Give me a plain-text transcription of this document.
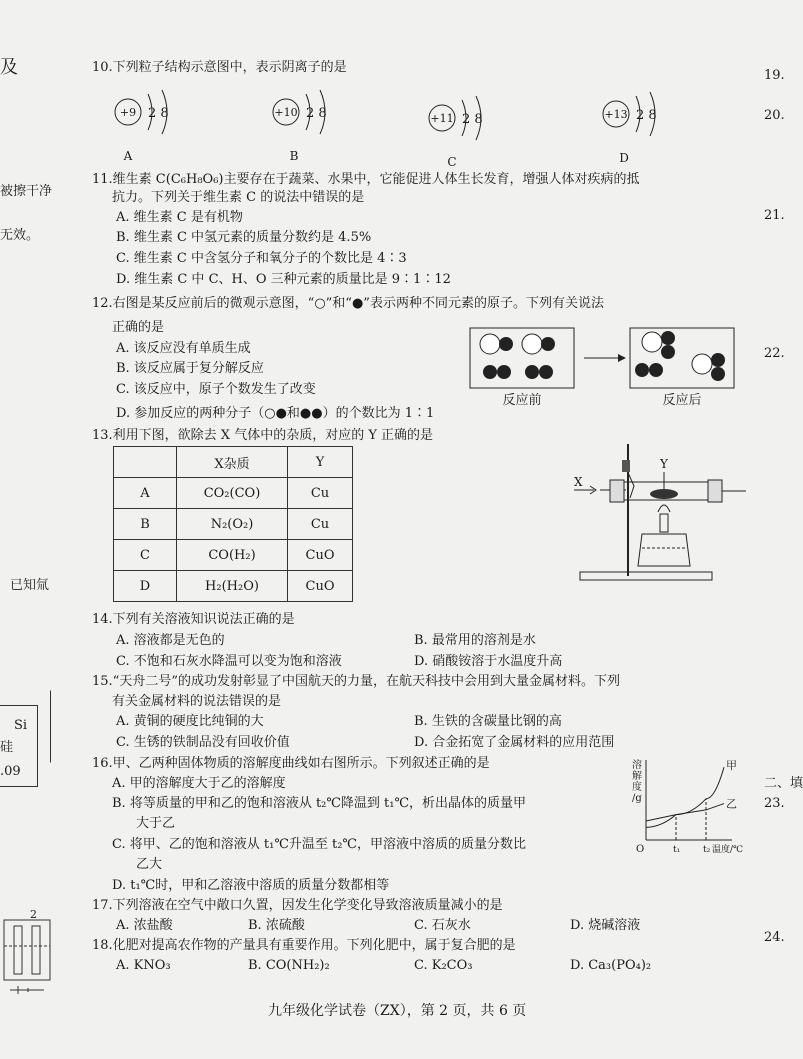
及
被擦干净
无效。
已知氚
Si
硅
.09
2
19.
20.
21.
22.
二、填
23.
24.
10.下列粒子结构示意图中，表示阴离子的是
+9 2 8
A
+10 2 8
B
+11 2 8
C
+13 2 8
D
11.维生素 C(C₆H₈O₆)主要存在于蔬菜、水果中，它能促进人体生长发育，增强人体对疾病的抵
抗力。下列关于维生素 C 的说法中错误的是
A. 维生素 C 是有机物
B. 维生素 C 中氢元素的质量分数约是 4.5%
C. 维生素 C 中含氢分子和氧分子的个数比是 4∶3
D. 维生素 C 中 C、H、O 三种元素的质量比是 9∶1∶12
12.右图是某反应前后的微观示意图，“○”和“●”表示两种不同元素的原子。下列有关说法
正确的是
A. 该反应没有单质生成
B. 该反应属于复分解反应
C. 该反应中，原子个数发生了改变
D. 参加反应的两种分子（○●和●●）的个数比为 1∶1
反应前	反应后
13.利用下图，欲除去 X 气体中的杂质，对应的 Y 正确的是
	X杂质	Y
A	CO₂(CO)	Cu
B	N₂(O₂)	Cu
C	CO(H₂)	CuO
D	H₂(H₂O)	CuO
X
Y
14.下列有关溶液知识说法正确的是
A. 溶液都是无色的	B. 最常用的溶剂是水
C. 不饱和石灰水降温可以变为饱和溶液	D. 硝酸铵溶于水温度升高
15.“天舟二号”的成功发射彰显了中国航天的力量，在航天科技中会用到大量金属材料。下列
有关金属材料的说法错误的是
A. 黄铜的硬度比纯铜的大	B. 生铁的含碳量比钢的高
C. 生锈的铁制品没有回收价值	D. 合金拓宽了金属材料的应用范围
16.甲、乙两种固体物质的溶解度曲线如右图所示。下列叙述正确的是
A. 甲的溶解度大于乙的溶解度
B. 将等质量的甲和乙的饱和溶液从 t₂℃降温到 t₁℃，析出晶体的质量甲
大于乙
C. 将甲、乙的饱和溶液从 t₁℃升温至 t₂℃，甲溶液中溶质的质量分数比
乙大
D. t₁℃时，甲和乙溶液中溶质的质量分数都相等
溶
解
度
/g
O	t₁	t₂ 温度/℃
甲
乙
17.下列溶液在空气中敞口久置，因发生化学变化导致溶液质量减小的是
A. 浓盐酸	B. 浓硫酸	C. 石灰水	D. 烧碱溶液
18.化肥对提高农作物的产量具有重要作用。下列化肥中，属于复合肥的是
A. KNO₃	B. CO(NH₂)₂	C. K₂CO₃	D. Ca₃(PO₄)₂
九年级化学试卷（ZX），第 2 页，共 6 页
